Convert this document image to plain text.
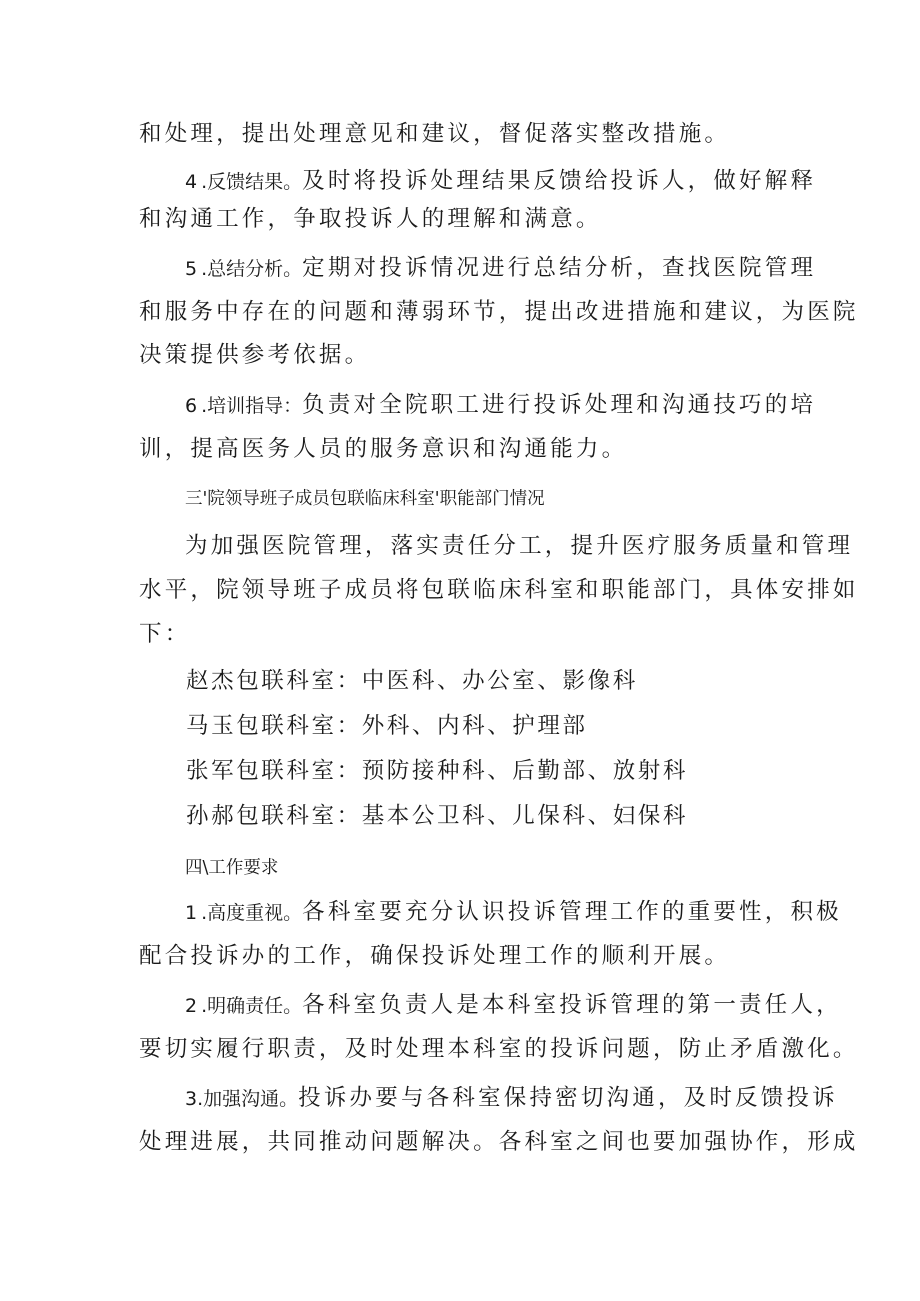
和处理，提出处理意见和建议，督促落实整改措施。
4 .反馈结果。及时将投诉处理结果反馈给投诉人，做好解释
和沟通工作，争取投诉人的理解和满意。
5 .总结分析。定期对投诉情况进行总结分析，查找医院管理
和服务中存在的问题和薄弱环节，提出改进措施和建议，为医院
决策提供参考依据。
6 .培训指导：负责对全院职工进行投诉处理和沟通技巧的培
训，提高医务人员的服务意识和沟通能力。
三'院领导班子成员包联临床科室'职能部门情况
为加强医院管理，落实责任分工，提升医疗服务质量和管理
水平，院领导班子成员将包联临床科室和职能部门，具体安排如
下：
赵杰包联科室：中医科、办公室、影像科
马玉包联科室：外科、内科、护理部
张军包联科室：预防接种科、后勤部、放射科
孙郝包联科室：基本公卫科、儿保科、妇保科
四\工作要求
1 .高度重视。各科室要充分认识投诉管理工作的重要性，积极
配合投诉办的工作，确保投诉处理工作的顺利开展。
2 .明确责任。各科室负责人是本科室投诉管理的第一责任人，
要切实履行职责，及时处理本科室的投诉问题，防止矛盾激化。
3.加强沟通。投诉办要与各科室保持密切沟通，及时反馈投诉
处理进展，共同推动问题解决。各科室之间也要加强协作，形成
